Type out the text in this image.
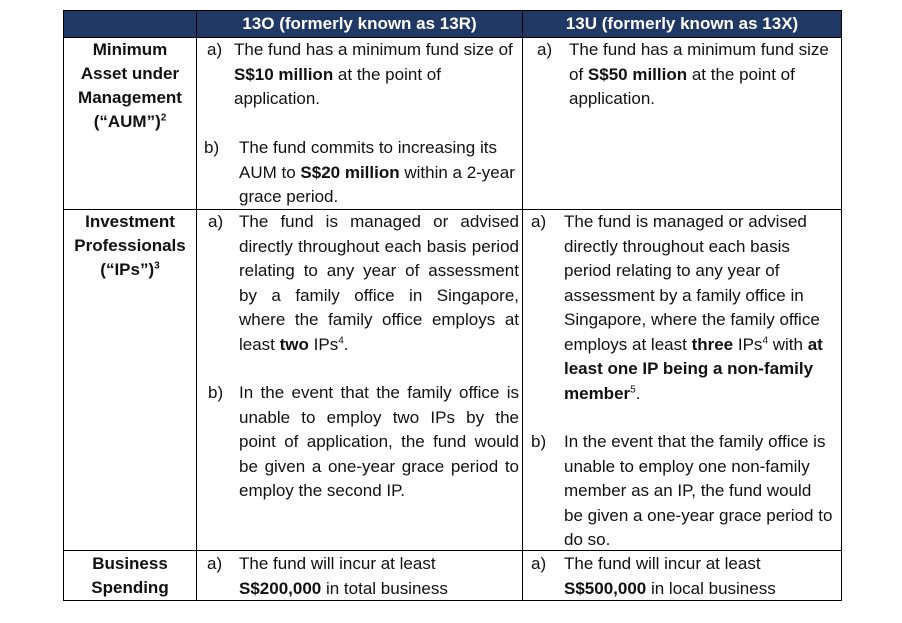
13O (formerly known as 13R)	13U (formerly known as 13X)
Minimum
Asset under
Management
(“AUM”)$^2$
a) The fund has a minimum fund size of S$10 million at the point of application.
b) The fund commits to increasing its AUM to S$20 million within a 2-year grace period.
a) The fund has a minimum fund size of S$50 million at the point of application.
Investment
Professionals
(“IPs”)$^3$
a) The fund is managed or advised directly throughout each basis period relating to any year of assessment by a family office in Singapore, where the family office employs at least two IPs$^4$.
b) In the event that the family office is unable to employ two IPs by the point of application, the fund would be given a one-year grace period to employ the second IP.
a) The fund is managed or advised directly throughout each basis period relating to any year of assessment by a family office in Singapore, where the family office employs at least three IPs$^4$ with at least one IP being a non-family member$^5$.
b) In the event that the family office is unable to employ one non-family member as an IP, the fund would be given a one-year grace period to do so.
Business
Spending
a) The fund will incur at least S$200,000 in total business
a) The fund will incur at least S$500,000 in local business
